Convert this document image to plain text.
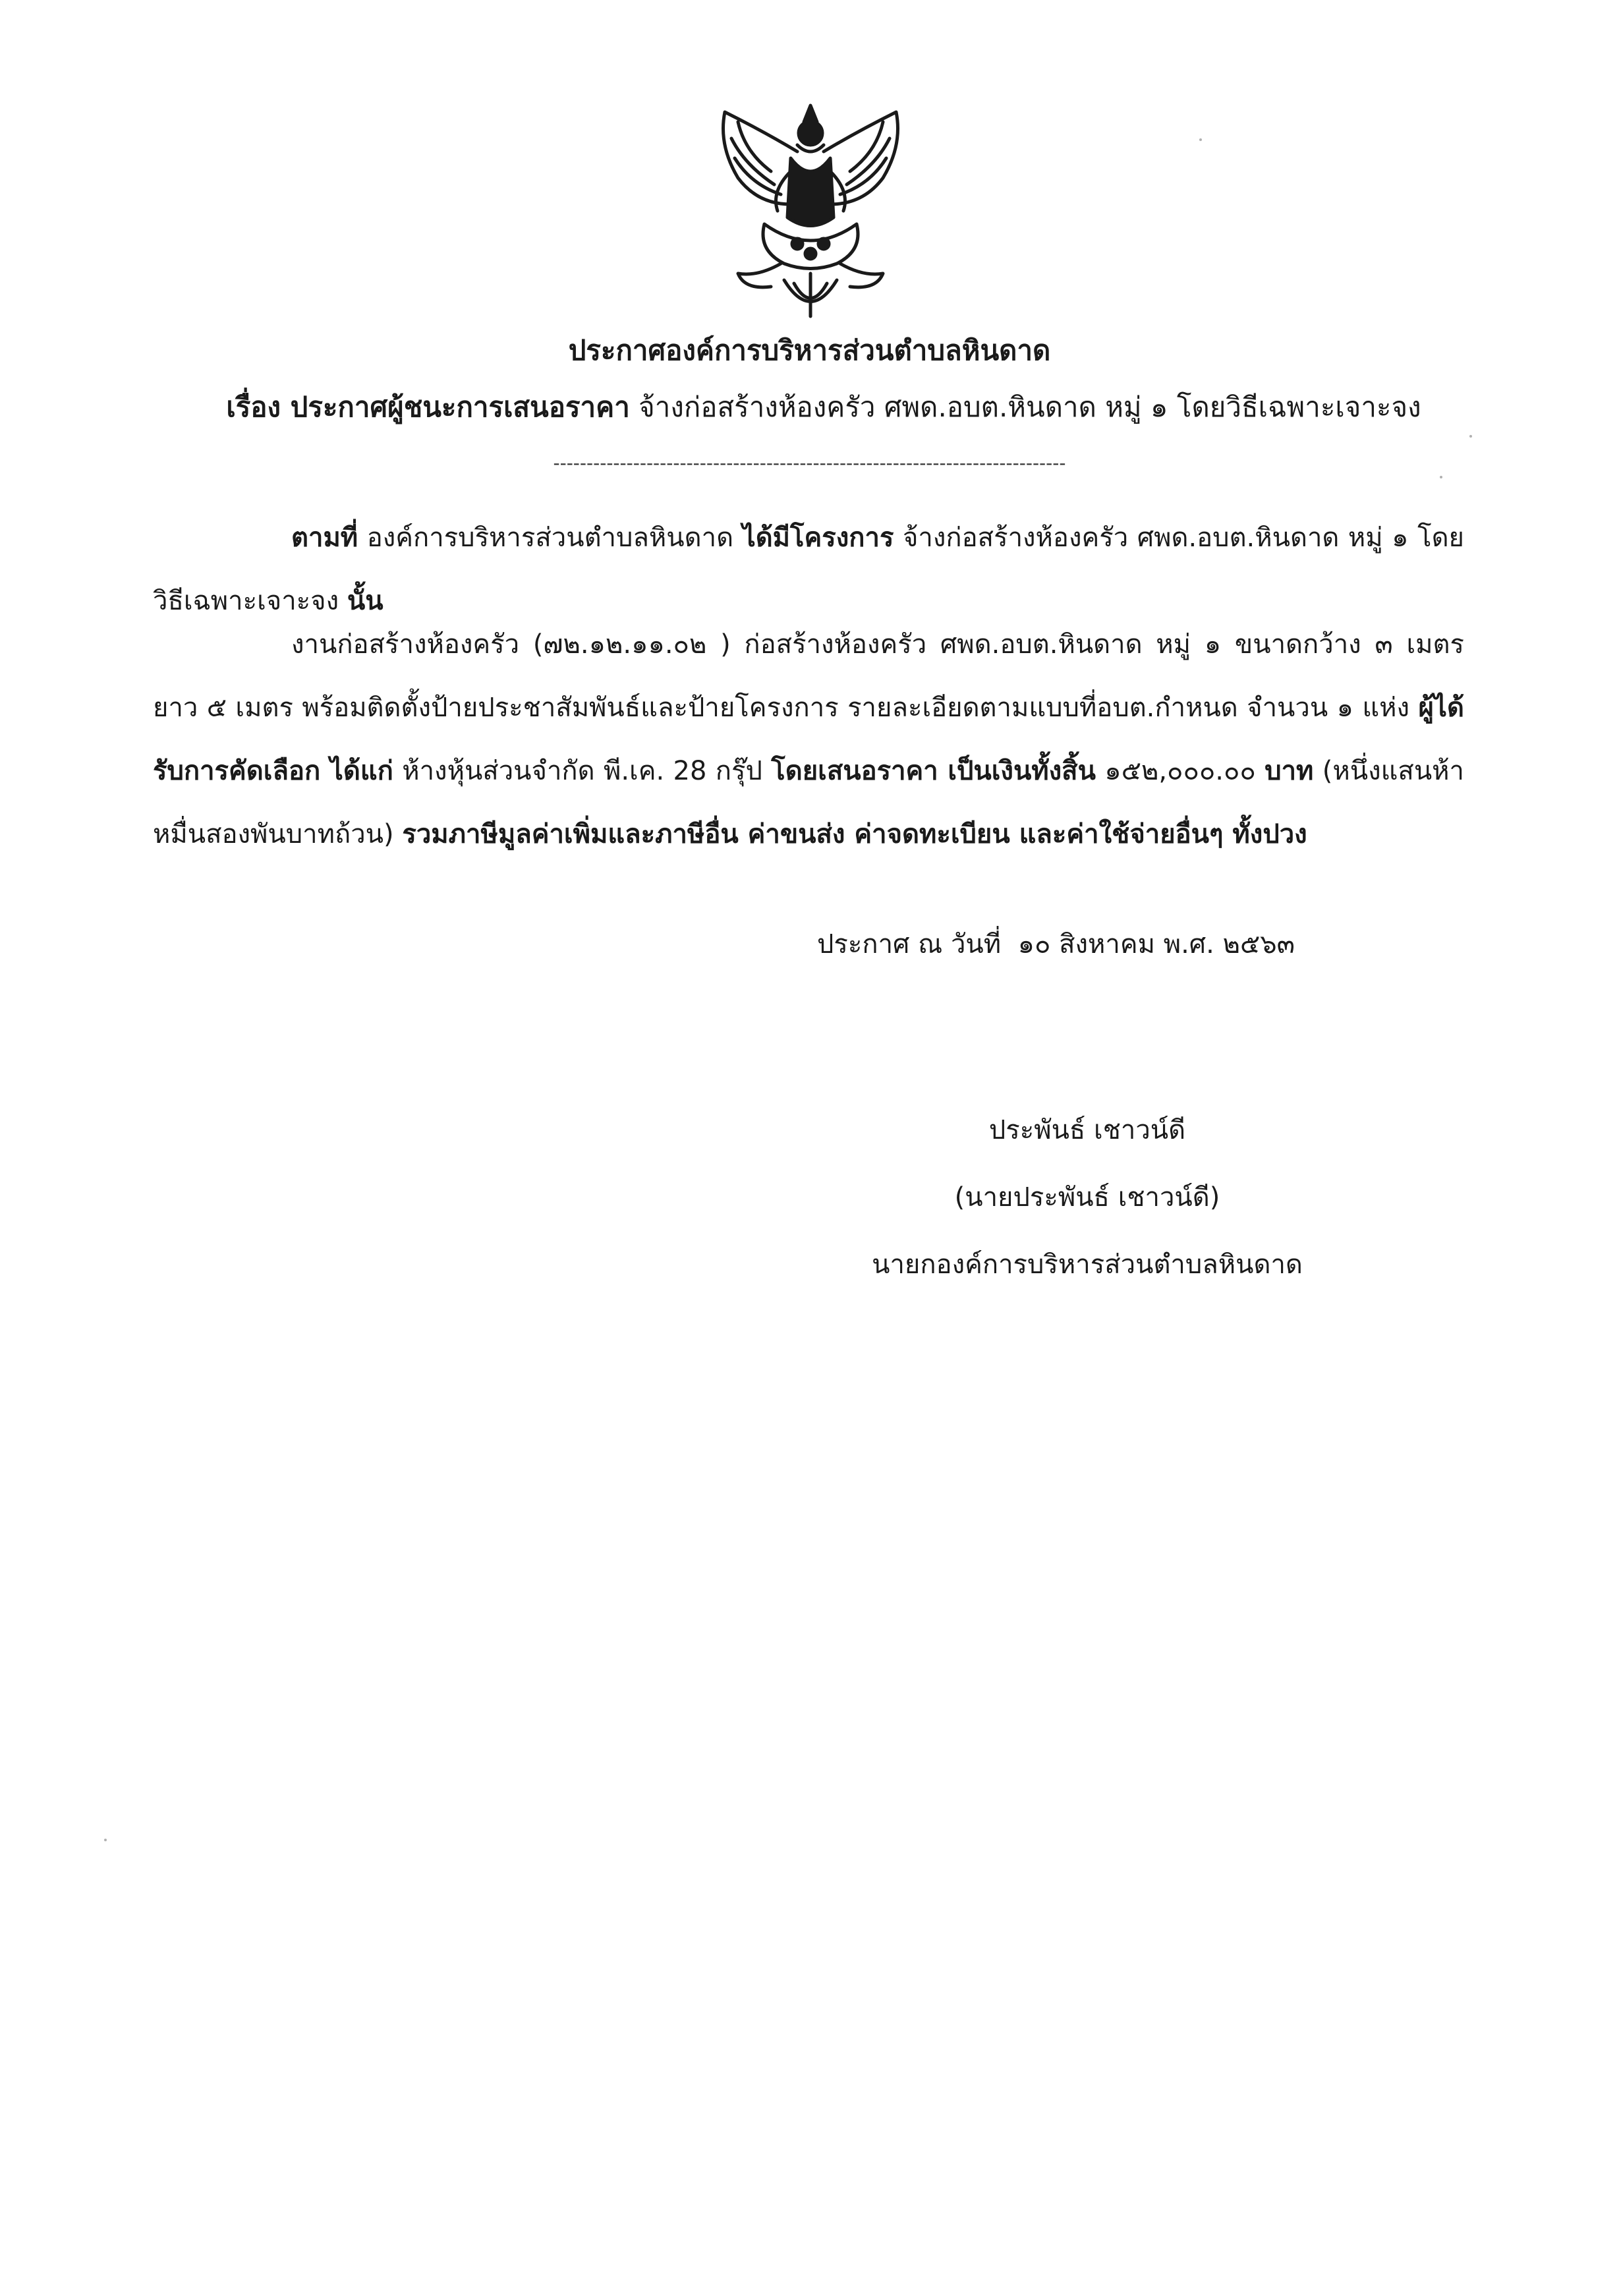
ประกาศองค์การบริหารส่วนตำบลหินดาด
เรื่อง ประกาศผู้ชนะการเสนอราคา จ้างก่อสร้างห้องครัว ศพด.อบต.หินดาด หมู่ ๑ โดยวิธีเฉพาะเจาะจง
-----------------------------------------------------------------------------
ตามที่ องค์การบริหารส่วนตำบลหินดาด ได้มีโครงการ จ้างก่อสร้างห้องครัว ศพด.อบต.หินดาด หมู่ ๑ โดยวิธีเฉพาะเจาะจง นั้น
งานก่อสร้างห้องครัว (๗๒.๑๒.๑๑.๐๒ ) ก่อสร้างห้องครัว ศพด.อบต.หินดาด หมู่ ๑ ขนาดกว้าง ๓ เมตร ยาว ๕ เมตร พร้อมติดตั้งป้ายประชาสัมพันธ์และป้ายโครงการ รายละเอียดตามแบบที่อบต.กำหนด จำนวน ๑ แห่ง ผู้ได้รับการคัดเลือก ได้แก่ ห้างหุ้นส่วนจำกัด พี.เค. 28 กรุ๊ป โดยเสนอราคา เป็นเงินทั้งสิ้น ๑๕๒,๐๐๐.๐๐ บาท (หนึ่งแสนห้าหมื่นสองพันบาทถ้วน) รวมภาษีมูลค่าเพิ่มและภาษีอื่น ค่าขนส่ง ค่าจดทะเบียน และค่าใช้จ่ายอื่นๆ ทั้งปวง
ประกาศ ณ วันที่ ๑๐ สิงหาคม พ.ศ. ๒๕๖๓
ประพันธ์ เชาวน์ดี
(นายประพันธ์ เชาวน์ดี)
นายกองค์การบริหารส่วนตำบลหินดาด
